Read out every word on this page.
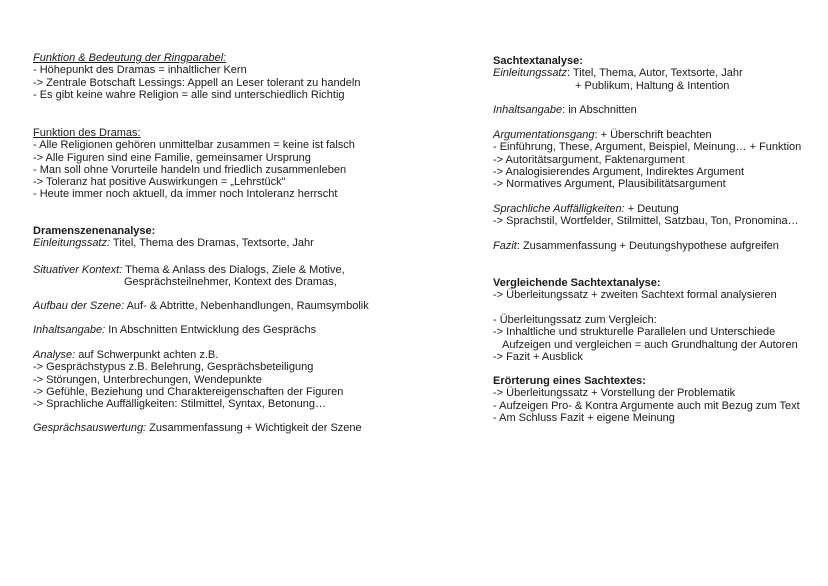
Funktion & Bedeutung der Ringparabel:
- Höhepunkt des Dramas = inhaltlicher Kern
-> Zentrale Botschaft Lessings: Appell an Leser tolerant zu handeln
- Es gibt keine wahre Religion = alle sind unterschiedlich Richtig
Funktion des Dramas:
- Alle Religionen gehören unmittelbar zusammen = keine ist falsch
-> Alle Figuren sind eine Familie, gemeinsamer Ursprung
- Man soll ohne Vorurteile handeln und friedlich zusammenleben
-> Toleranz hat positive Auswirkungen = „Lehrstück"
- Heute immer noch aktuell, da immer noch Intoleranz herrscht
Dramenszenenanalyse:
Einleitungssatz: Titel, Thema des Dramas, Textsorte, Jahr
Situativer Kontext: Thema & Anlass des Dialogs, Ziele & Motive,
Gesprächsteilnehmer, Kontext des Dramas,
Aufbau der Szene: Auf- & Abtritte, Nebenhandlungen, Raumsymbolik
Inhaltsangabe: In Abschnitten Entwicklung des Gesprächs
Analyse: auf Schwerpunkt achten z.B.
-> Gesprächstypus z.B. Belehrung, Gesprächsbeteiligung
-> Störungen, Unterbrechungen, Wendepunkte
-> Gefühle, Beziehung und Charaktereigenschaften der Figuren
-> Sprachliche Auffälligkeiten: Stilmittel, Syntax, Betonung…
Gesprächsauswertung: Zusammenfassung + Wichtigkeit der Szene
Sachtextanalyse:
Einleitungssatz: Titel, Thema, Autor, Textsorte, Jahr
+ Publikum, Haltung & Intention
Inhaltsangabe: in Abschnitten
Argumentationsgang: + Überschrift beachten
- Einführung, These, Argument, Beispiel, Meinung… + Funktion
-> Autoritätsargument, Faktenargument
-> Analogisierendes Argument, Indirektes Argument
-> Normatives Argument, Plausibilitätsargument
Sprachliche Auffälligkeiten: + Deutung
-> Sprachstil, Wortfelder, Stilmittel, Satzbau, Ton, Pronomina…
Fazit: Zusammenfassung + Deutungshypothese aufgreifen
Vergleichende Sachtextanalyse:
-> Überleitungssatz + zweiten Sachtext formal analysieren
- Überleitungssatz zum Vergleich:
-> Inhaltliche und strukturelle Parallelen und Unterschiede
Aufzeigen und vergleichen = auch Grundhaltung der Autoren
-> Fazit + Ausblick
Erörterung eines Sachtextes:
-> Überleitungssatz + Vorstellung der Problematik
- Aufzeigen Pro- & Kontra Argumente auch mit Bezug zum Text
- Am Schluss Fazit + eigene Meinung
